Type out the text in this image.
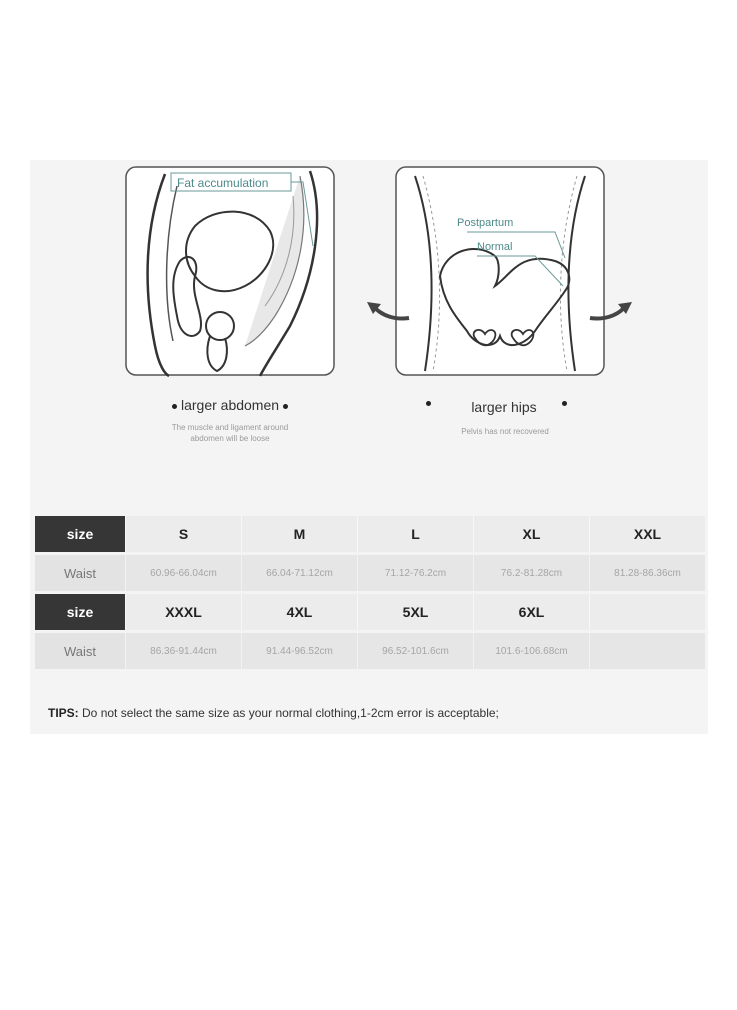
Fat accumulation
Postpartum
Normal
larger abdomen
The muscle and ligament around
abdomen will be loose
larger hips
Pelvis has not recovered
size	S	M	L	XL	XXL
Waist	60.96-66.04cm	66.04-71.12cm	71.12-76.2cm	76.2-81.28cm	81.28-86.36cm
size	XXXL	4XL	5XL	6XL
Waist	86.36-91.44cm	91.44-96.52cm	96.52-101.6cm	101.6-106.68cm
TIPS: Do not select the same size as your normal clothing,1-2cm error is acceptable;
